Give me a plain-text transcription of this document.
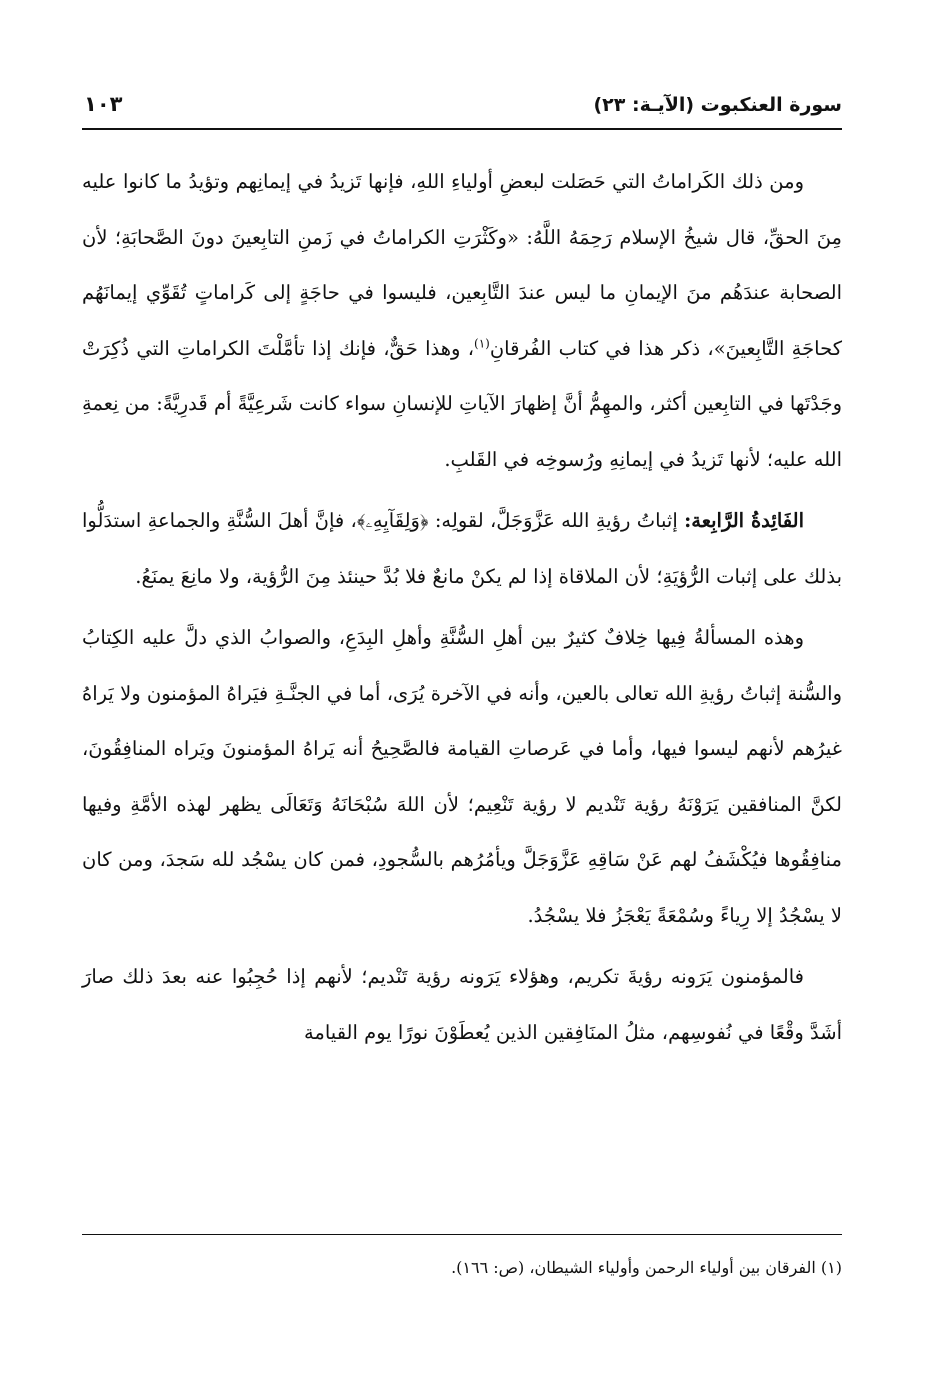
سورة العنكبوت (الآيـة: ٢٣)
١٠٣

ومن ذلك الكَراماتُ التي حَصَلت لبعضِ أولياءِ اللهِ، فإنها تَزيدُ في إيمانِهم وتؤيدُ ما كانوا عليه مِنَ الحقِّ، قال شيخُ الإسلام رَحِمَهُ اللَّهُ: «وكَثْرَتِ الكراماتُ في زَمنِ التابِعينَ دونَ الصَّحابَةِ؛ لأن الصحابة عندَهُم منَ الإيمانِ ما ليس عندَ التَّابِعين، فليسوا في حاجَةٍ إلى كَراماتٍ تُقَوِّي إيمانَهُم كحاجَةِ التَّابِعينَ»، ذكر هذا في كتاب الفُرقانِ$^{(١)}$، وهذا حَقٌّ، فإنك إذا تأمَّلْتَ الكراماتِ التي ذُكِرَتْ وجَدْتَها في التابِعين أكثر، والمهِمُّ أنَّ إظهارَ الآياتِ للإنسانِ سواء كانت شَرعِيَّةً أم قَدرِيَّةً: من نِعمةِ الله عليه؛ لأنها تَزيدُ في إيمانِهِ ورُسوخِه في القَلبِ.

الفَائِدةُ الرَّابِعة: إثباتُ رؤيةِ الله عَزَّوَجَلَّ، لقولِه: ﴿وَلِقَآيِهِۦ﴾، فإنَّ أهلَ السُّنَّةِ والجماعةِ استدَلُّوا بذلك على إثبات الرُّؤيَةِ؛ لأن الملاقاة إذا لم يكنْ مانعٌ فلا بُدَّ حينئذ مِنَ الرُّؤية، ولا مانِعَ يمنَعُ.

وهذه المسألةُ فِيها خِلافٌ كثيرٌ بين أهلِ السُّنَّةِ وأهلِ البِدَعِ، والصوابُ الذي دلَّ عليه الكِتابُ والسُّنة إثباتُ رؤيةِ الله تعالى بالعين، وأنه في الآخرة يُرَى، أما في الجنَّـةِ فيَراهُ المؤمنون ولا يَراهُ غيرُهم لأنهم ليسوا فيها، وأما في عَرصاتِ القيامة فالصَّحِيحُ أنه يَراهُ المؤمنونَ ويَراه المنافِقُونَ، لكنَّ المنافقين يَرَوْنَهُ رؤية تَنْديم لا رؤية تَنْعِيم؛ لأن اللهَ سُبْحَانَهُ وَتَعَالَى يظهر لهذه الأمَّةِ وفيها منافِقُوها فيُكْشَفُ لهم عَنْ سَاقِهِ عَزَّوَجَلَّ ويأمُرُهم بالسُّجودِ، فمن كان يسْجُد لله سَجدَ، ومن كان لا يسْجُدُ إلا رِياءً وسُمْعَةً يَعْجَزُ فلا يسْجُدُ.

فالمؤمنون يَرَونه رؤيةَ تكريم، وهؤلاء يَرَونه رؤية تَنْديم؛ لأنهم إذا حُجِبُوا عنه بعدَ ذلك صارَ أشَدَّ وقْعًا في نُفوسِهم، مثلُ المنَافِقين الذين يُعطَوْنَ نورًا يوم القيامة

(١) الفرقان بين أولياء الرحمن وأولياء الشيطان، (ص: ١٦٦).
